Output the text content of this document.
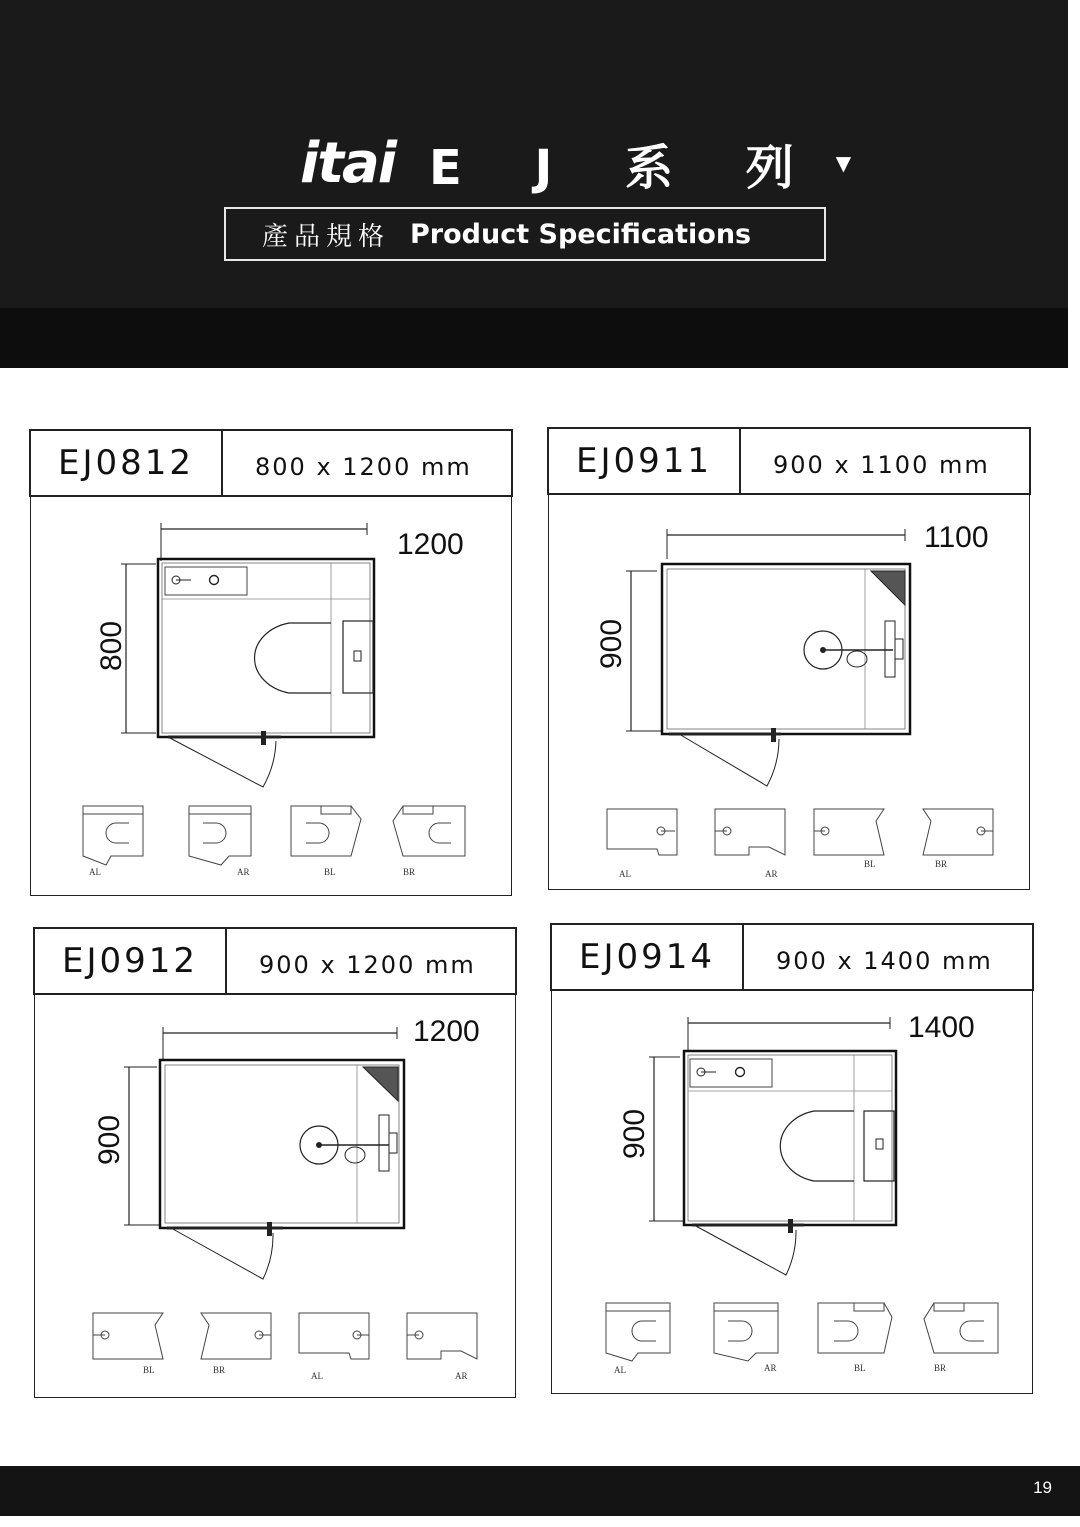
itai E J 系 列 ▼
產品規格 Product Specifications
1200
800
AL	AR	BL	BR
EJ0812	800 x 1200 mm
1100
900
AL	AR
BL	BR
EJ0911	900 x 1100 mm
1200
900
BL	BR
AL	AR
EJ0912	900 x 1200 mm
1400
900
AL	AR	BL	BR
EJ0914	900 x 1400 mm
19
